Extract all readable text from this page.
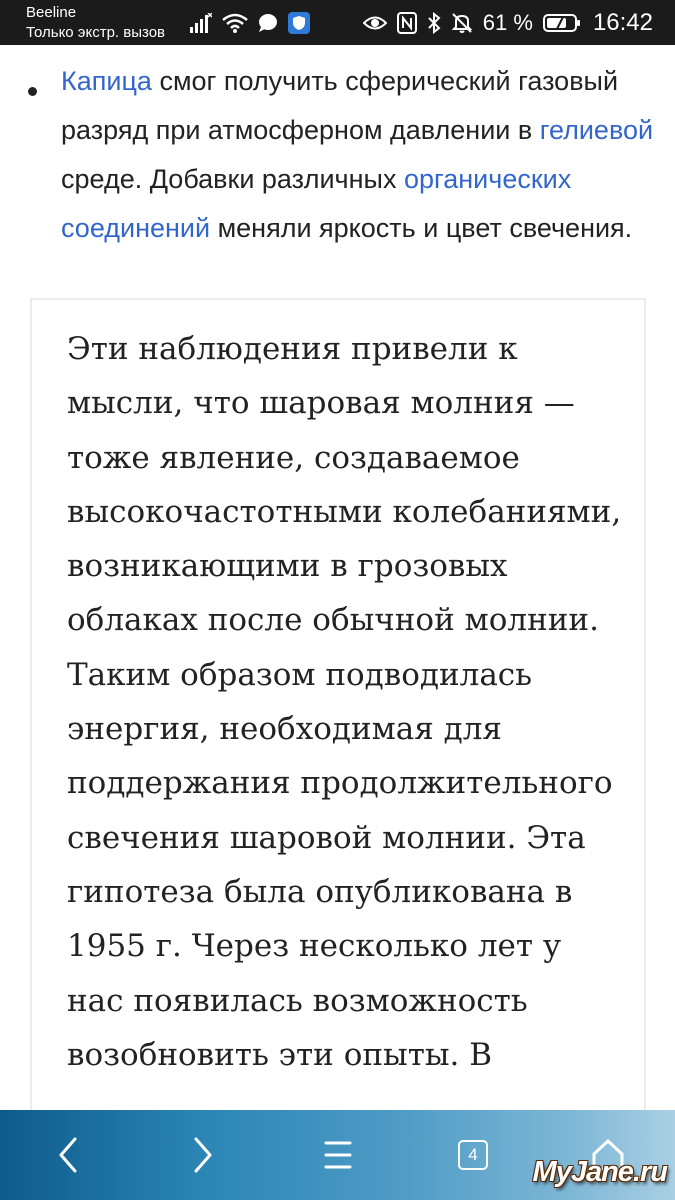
Beeline
Только экстр. вызов	61 %	16:42
Капица смог получить сферический газовый разряд при атмосферном давлении в гелиевой среде. Добавки различных органических соединений меняли яркость и цвет свечения.
Эти наблюдения привели к мысли, что шаровая молния — тоже явление, создаваемое высокочастотными колебаниями, возникающими в грозовых облаках после обычной молнии. Таким образом подводилась энергия, необходимая для поддержания продолжительного свечения шаровой молнии. Эта гипотеза была опубликована в 1955 г. Через несколько лет у нас появилась возможность возобновить эти опыты. В
4
MyJane.ru
